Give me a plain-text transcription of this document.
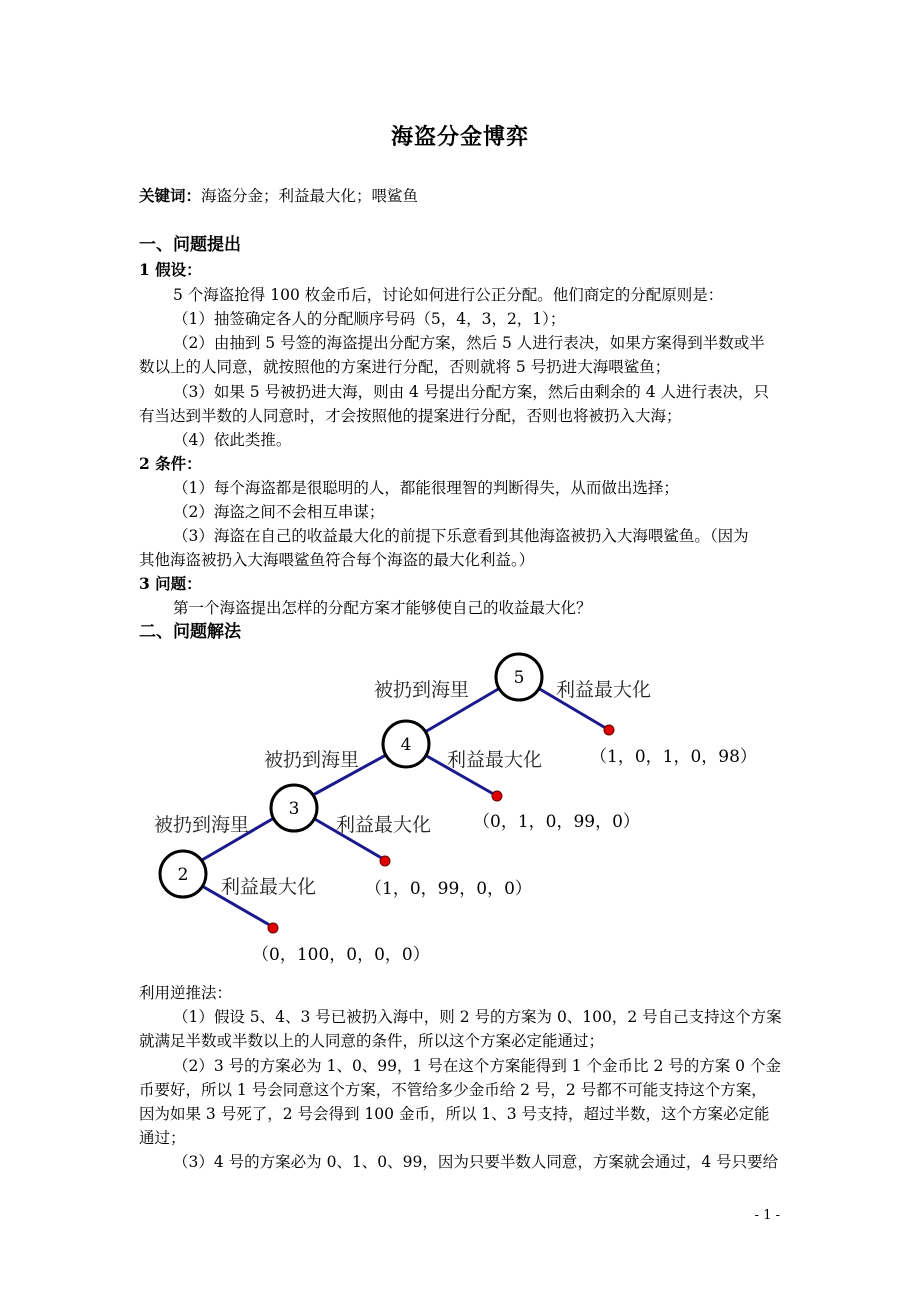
海盗分金博弈
关键词：海盗分金；利益最大化；喂鲨鱼
一、问题提出
1 假设：
5 个海盗抢得 100 枚金币后，讨论如何进行公正分配。他们商定的分配原则是：
（1）抽签确定各人的分配顺序号码（5，4，3，2，1）；
（2）由抽到 5 号签的海盗提出分配方案，然后 5 人进行表决，如果方案得到半数或半
数以上的人同意，就按照他的方案进行分配，否则就将 5 号扔进大海喂鲨鱼；
（3）如果 5 号被扔进大海，则由 4 号提出分配方案，然后由剩余的 4 人进行表决，只
有当达到半数的人同意时，才会按照他的提案进行分配，否则也将被扔入大海；
（4）依此类推。
2 条件：
（1）每个海盗都是很聪明的人，都能很理智的判断得失，从而做出选择；
（2）海盗之间不会相互串谋；
（3）海盗在自己的收益最大化的前提下乐意看到其他海盗被扔入大海喂鲨鱼。（因为
其他海盗被扔入大海喂鲨鱼符合每个海盗的最大化利益。）
3 问题：
第一个海盗提出怎样的分配方案才能够使自己的收益最大化？
二、问题解法
5
4
3
2
被扔到海里	利益最大化
被扔到海里	利益最大化
被扔到海里	利益最大化
利益最大化
（1，0，1，0，98）
（0，1，0，99，0）
（1，0，99，0，0）
（0，100，0，0，0）
利用逆推法：
（1）假设 5、4、3 号已被扔入海中，则 2 号的方案为 0、100，2 号自己支持这个方案
就满足半数或半数以上的人同意的条件，所以这个方案必定能通过；
（2）3 号的方案必为 1、0、99，1 号在这个方案能得到 1 个金币比 2 号的方案 0 个金
币要好，所以 1 号会同意这个方案，不管给多少金币给 2 号，2 号都不可能支持这个方案，
因为如果 3 号死了，2 号会得到 100 金币，所以 1、3 号支持，超过半数，这个方案必定能
通过；
（3）4 号的方案必为 0、1、0、99，因为只要半数人同意，方案就会通过，4 号只要给
- 1 -
